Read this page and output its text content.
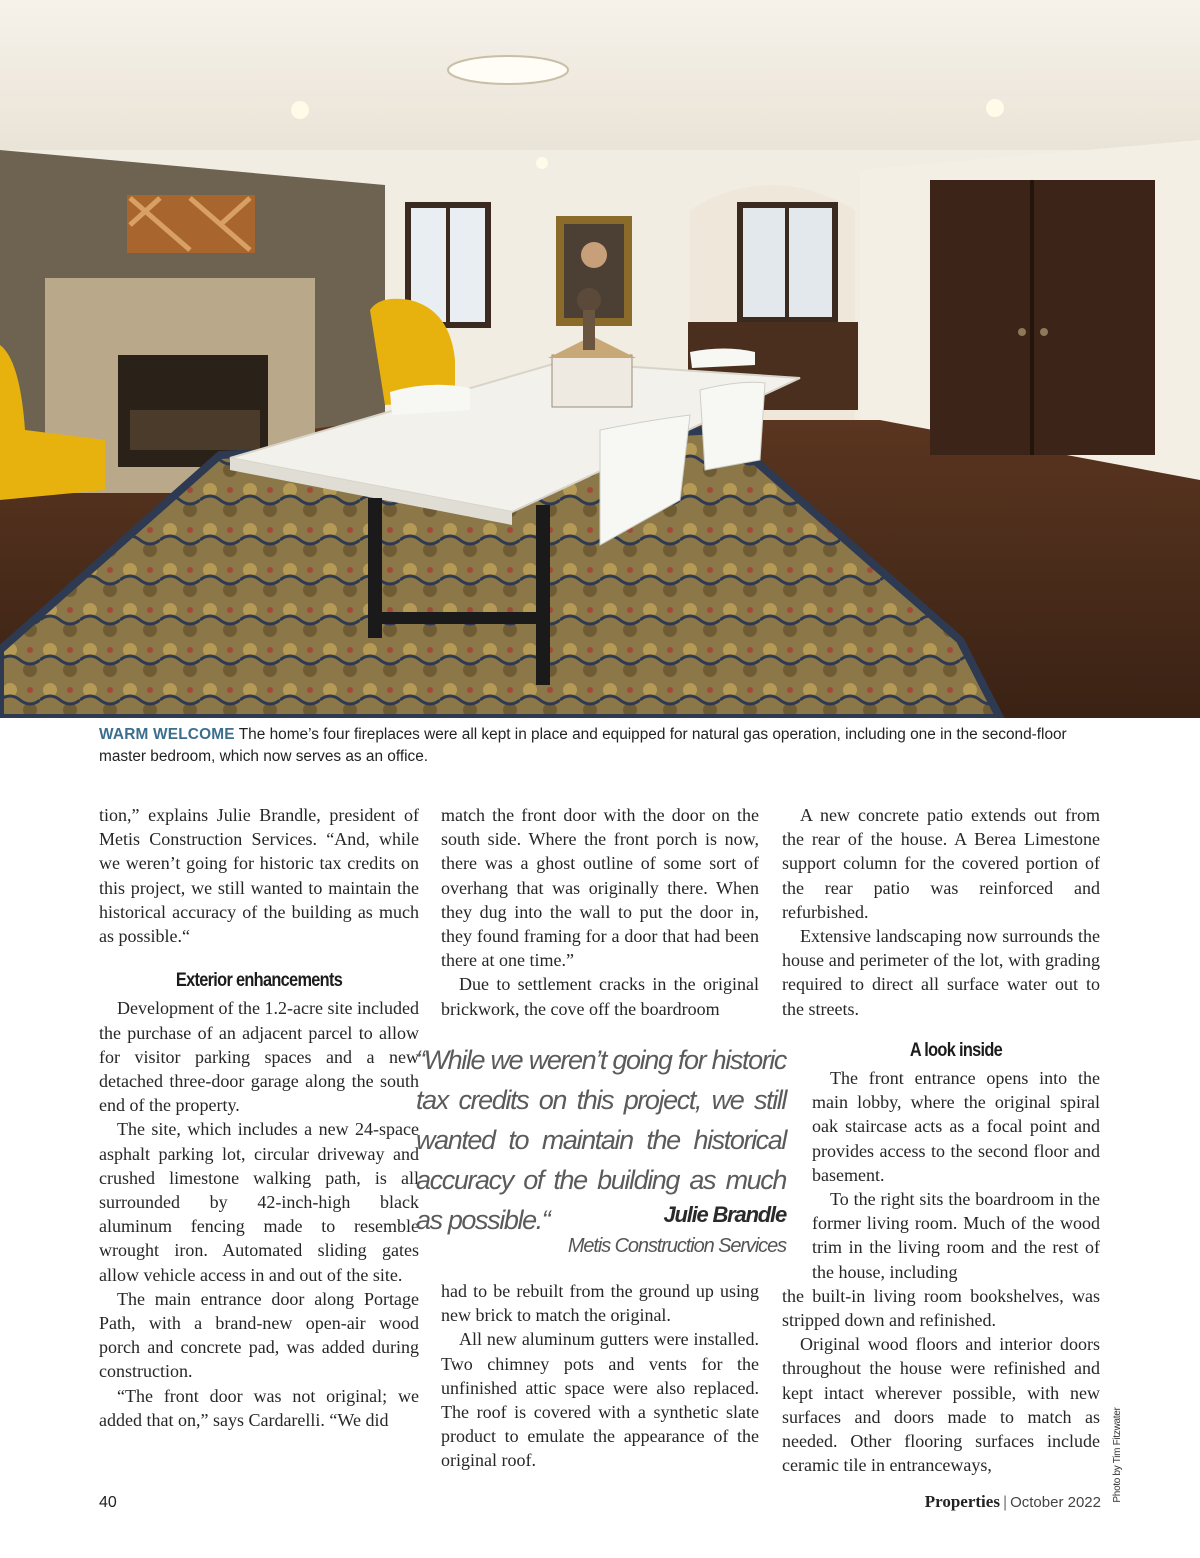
WARM WELCOME The home’s four fireplaces were all kept in place and equipped for natural gas operation, including one in the second-floor master bedroom, which now serves as an office.

tion,” explains Julie Brandle, president of Metis Construction Services. “And, while we weren’t going for historic tax credits on this project, we still wanted to maintain the historical accuracy of the building as much as possible.“

Exterior enhancements

Development of the 1.2-acre site included the purchase of an adjacent parcel to allow for visitor parking spaces and a new detached three-door garage along the south end of the property.

The site, which includes a new 24-space asphalt parking lot, circular driveway and crushed limestone walking path, is all surrounded by 42-inch-high black aluminum fencing made to resemble wrought iron. Automated sliding gates allow vehicle access in and out of the site.

The main entrance door along Portage Path, with a brand-new open-air wood porch and concrete pad, was added during construction.

“The front door was not original; we added that on,” says Cardarelli. “We did

match the front door with the door on the south side. Where the front porch is now, there was a ghost outline of some sort of overhang that was originally there. When they dug into the wall to put the door in, they found framing for a door that had been there at one time.”

Due to settlement cracks in the original brickwork, the cove off the boardroom

had to be rebuilt from the ground up using new brick to match the original.

All new aluminum gutters were installed. Two chimney pots and vents for the unfinished attic space were also replaced. The roof is covered with a synthetic slate product to emulate the appearance of the original roof.

“While we weren’t going for historic tax credits on this project, we still wanted to maintain the historical accuracy of the building as much as possible.“	Julie Brandle
Metis Construction Services

A new concrete patio extends out from the rear of the house. A Berea Limestone support column for the covered portion of the rear patio was reinforced and refurbished.

Extensive landscaping now surrounds the house and perimeter of the lot, with grading required to direct all surface water out to the streets.

A look inside

The front entrance opens into the main lobby, where the original spiral oak staircase acts as a focal point and provides access to the second floor and basement.

To the right sits the boardroom in the former living room. Much of the wood trim in the living room and the rest of the house, including

the built-in living room bookshelves, was stripped down and refinished.

Original wood floors and interior doors throughout the house were refinished and kept intact wherever possible, with new surfaces and doors made to match as needed. Other flooring surfaces include ceramic tile in entranceways,	Photo by Tim Fitzwater
40	Properties | October 2022
